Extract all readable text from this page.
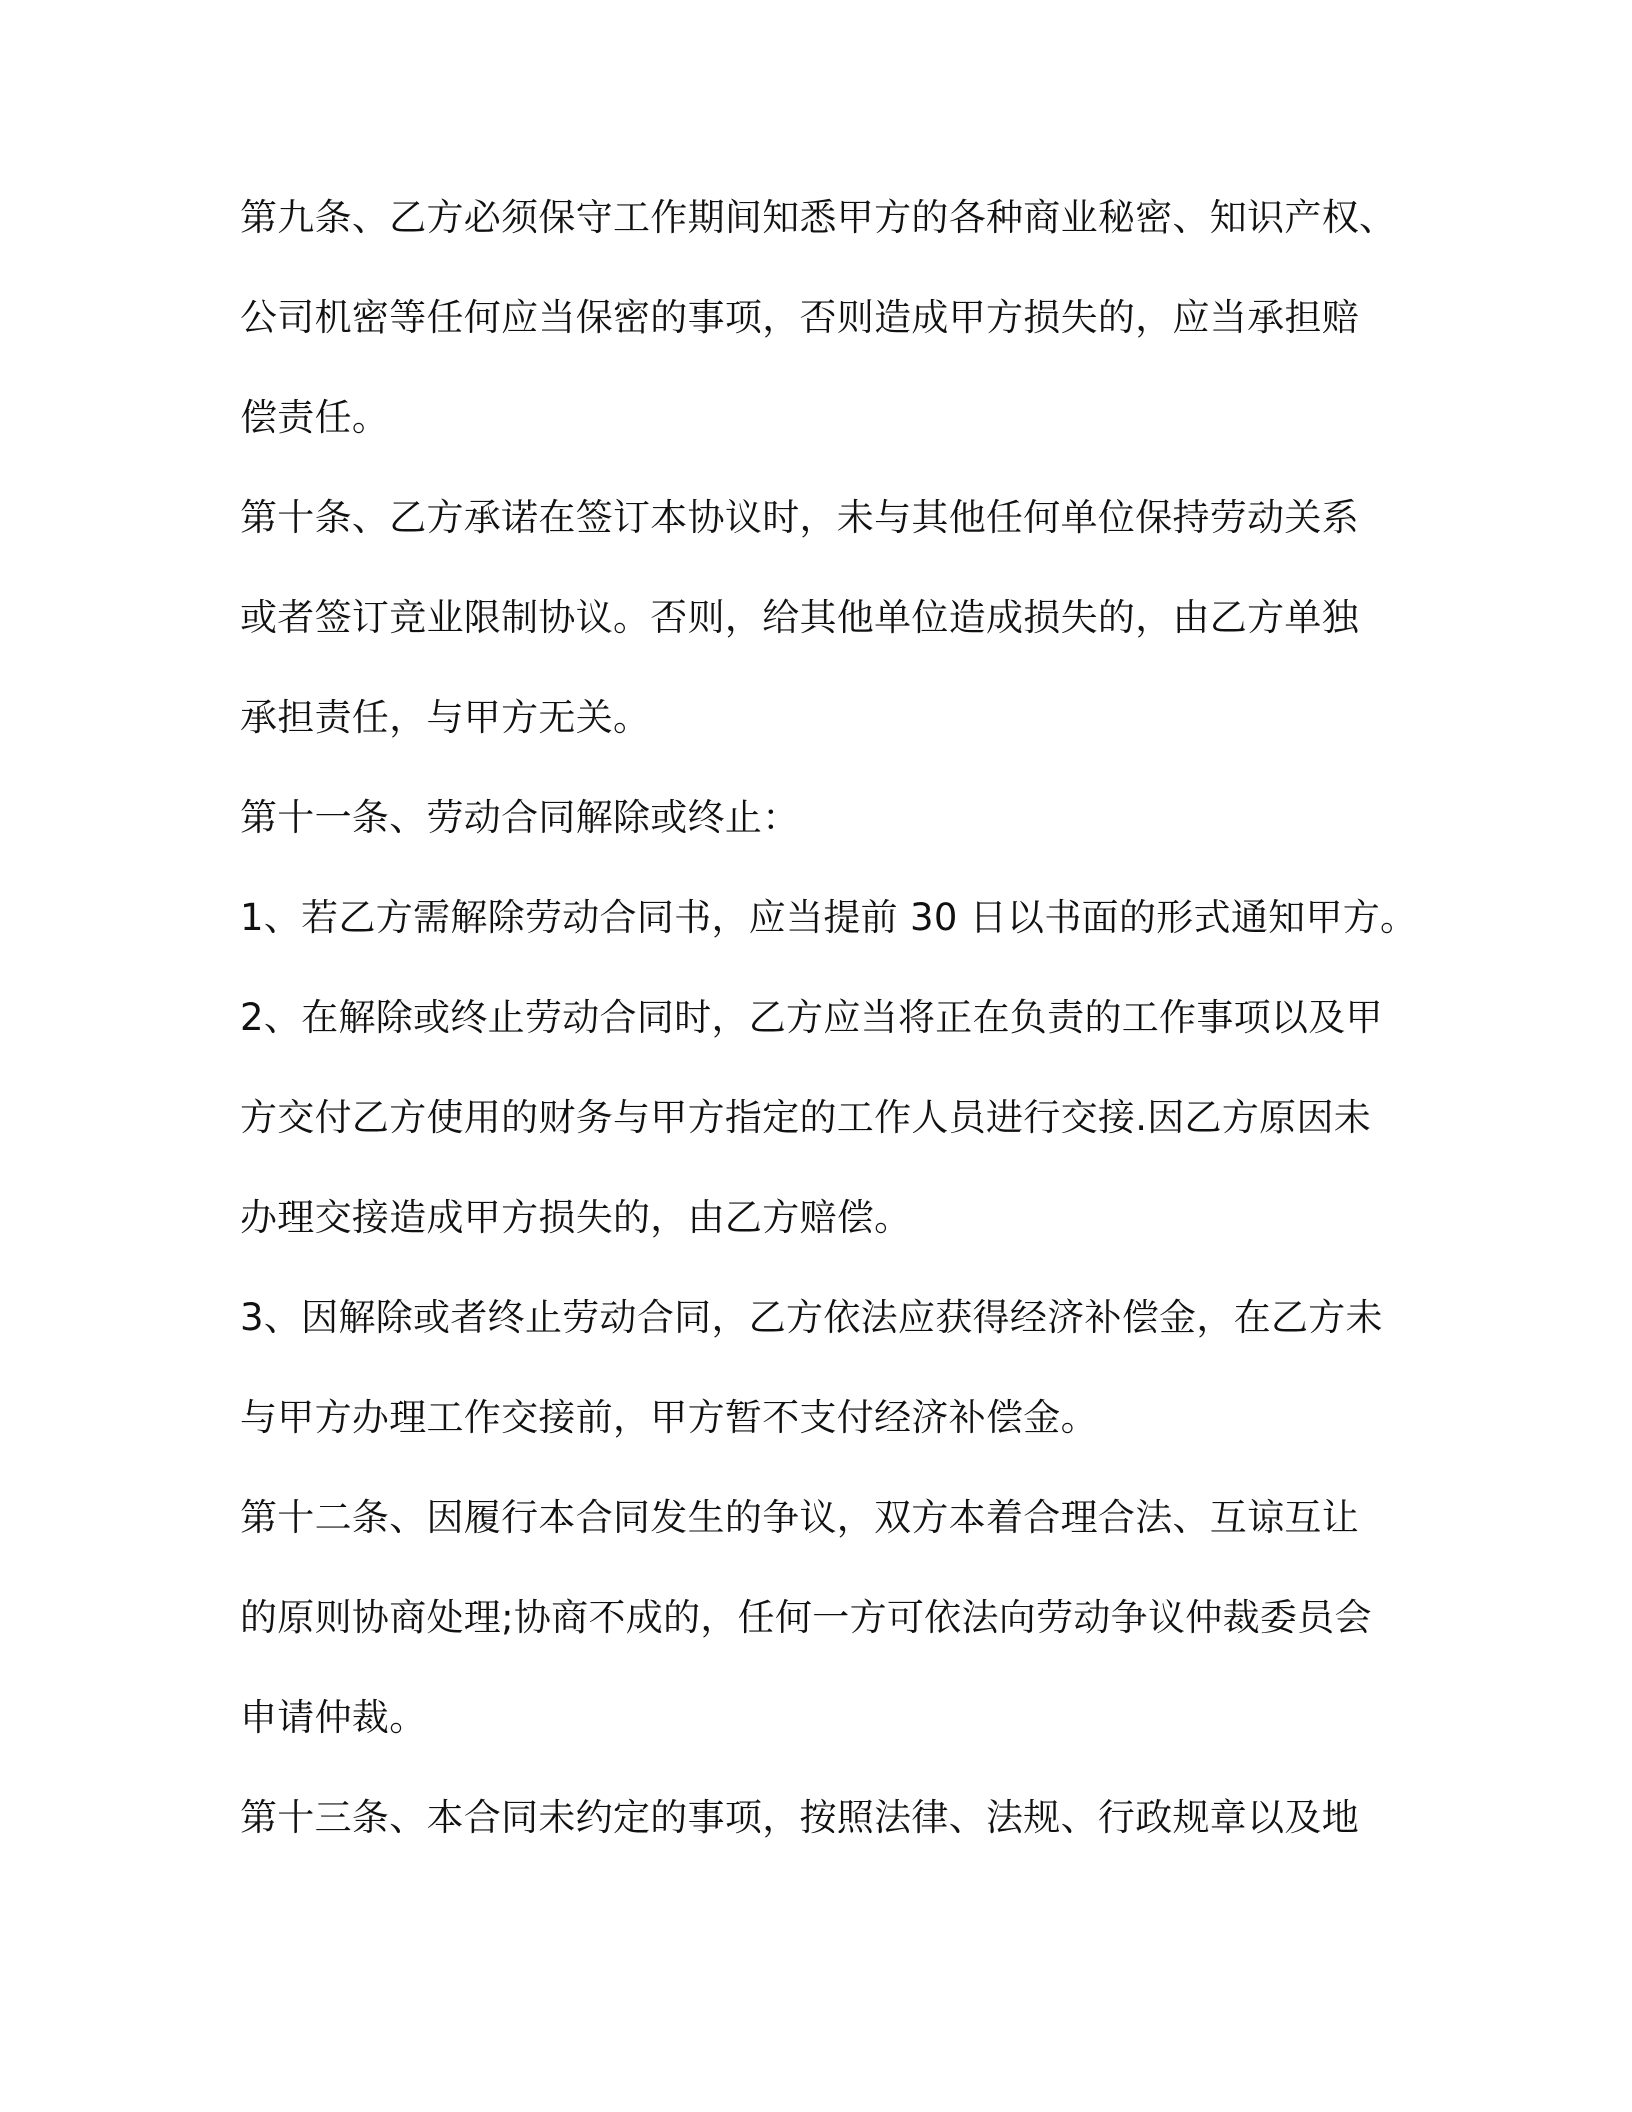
第九条、乙方必须保守工作期间知悉甲方的各种商业秘密、知识产权、
公司机密等任何应当保密的事项，否则造成甲方损失的，应当承担赔
偿责任。
第十条、乙方承诺在签订本协议时，未与其他任何单位保持劳动关系
或者签订竞业限制协议。否则，给其他单位造成损失的，由乙方单独
承担责任，与甲方无关。
第十一条、劳动合同解除或终止：
1、若乙方需解除劳动合同书，应当提前 30 日以书面的形式通知甲方。
2、在解除或终止劳动合同时，乙方应当将正在负责的工作事项以及甲
方交付乙方使用的财务与甲方指定的工作人员进行交接.因乙方原因未
办理交接造成甲方损失的，由乙方赔偿。
3、因解除或者终止劳动合同，乙方依法应获得经济补偿金，在乙方未
与甲方办理工作交接前，甲方暂不支付经济补偿金。
第十二条、因履行本合同发生的争议，双方本着合理合法、互谅互让
的原则协商处理;协商不成的，任何一方可依法向劳动争议仲裁委员会
申请仲裁。
第十三条、本合同未约定的事项，按照法律、法规、行政规章以及地
